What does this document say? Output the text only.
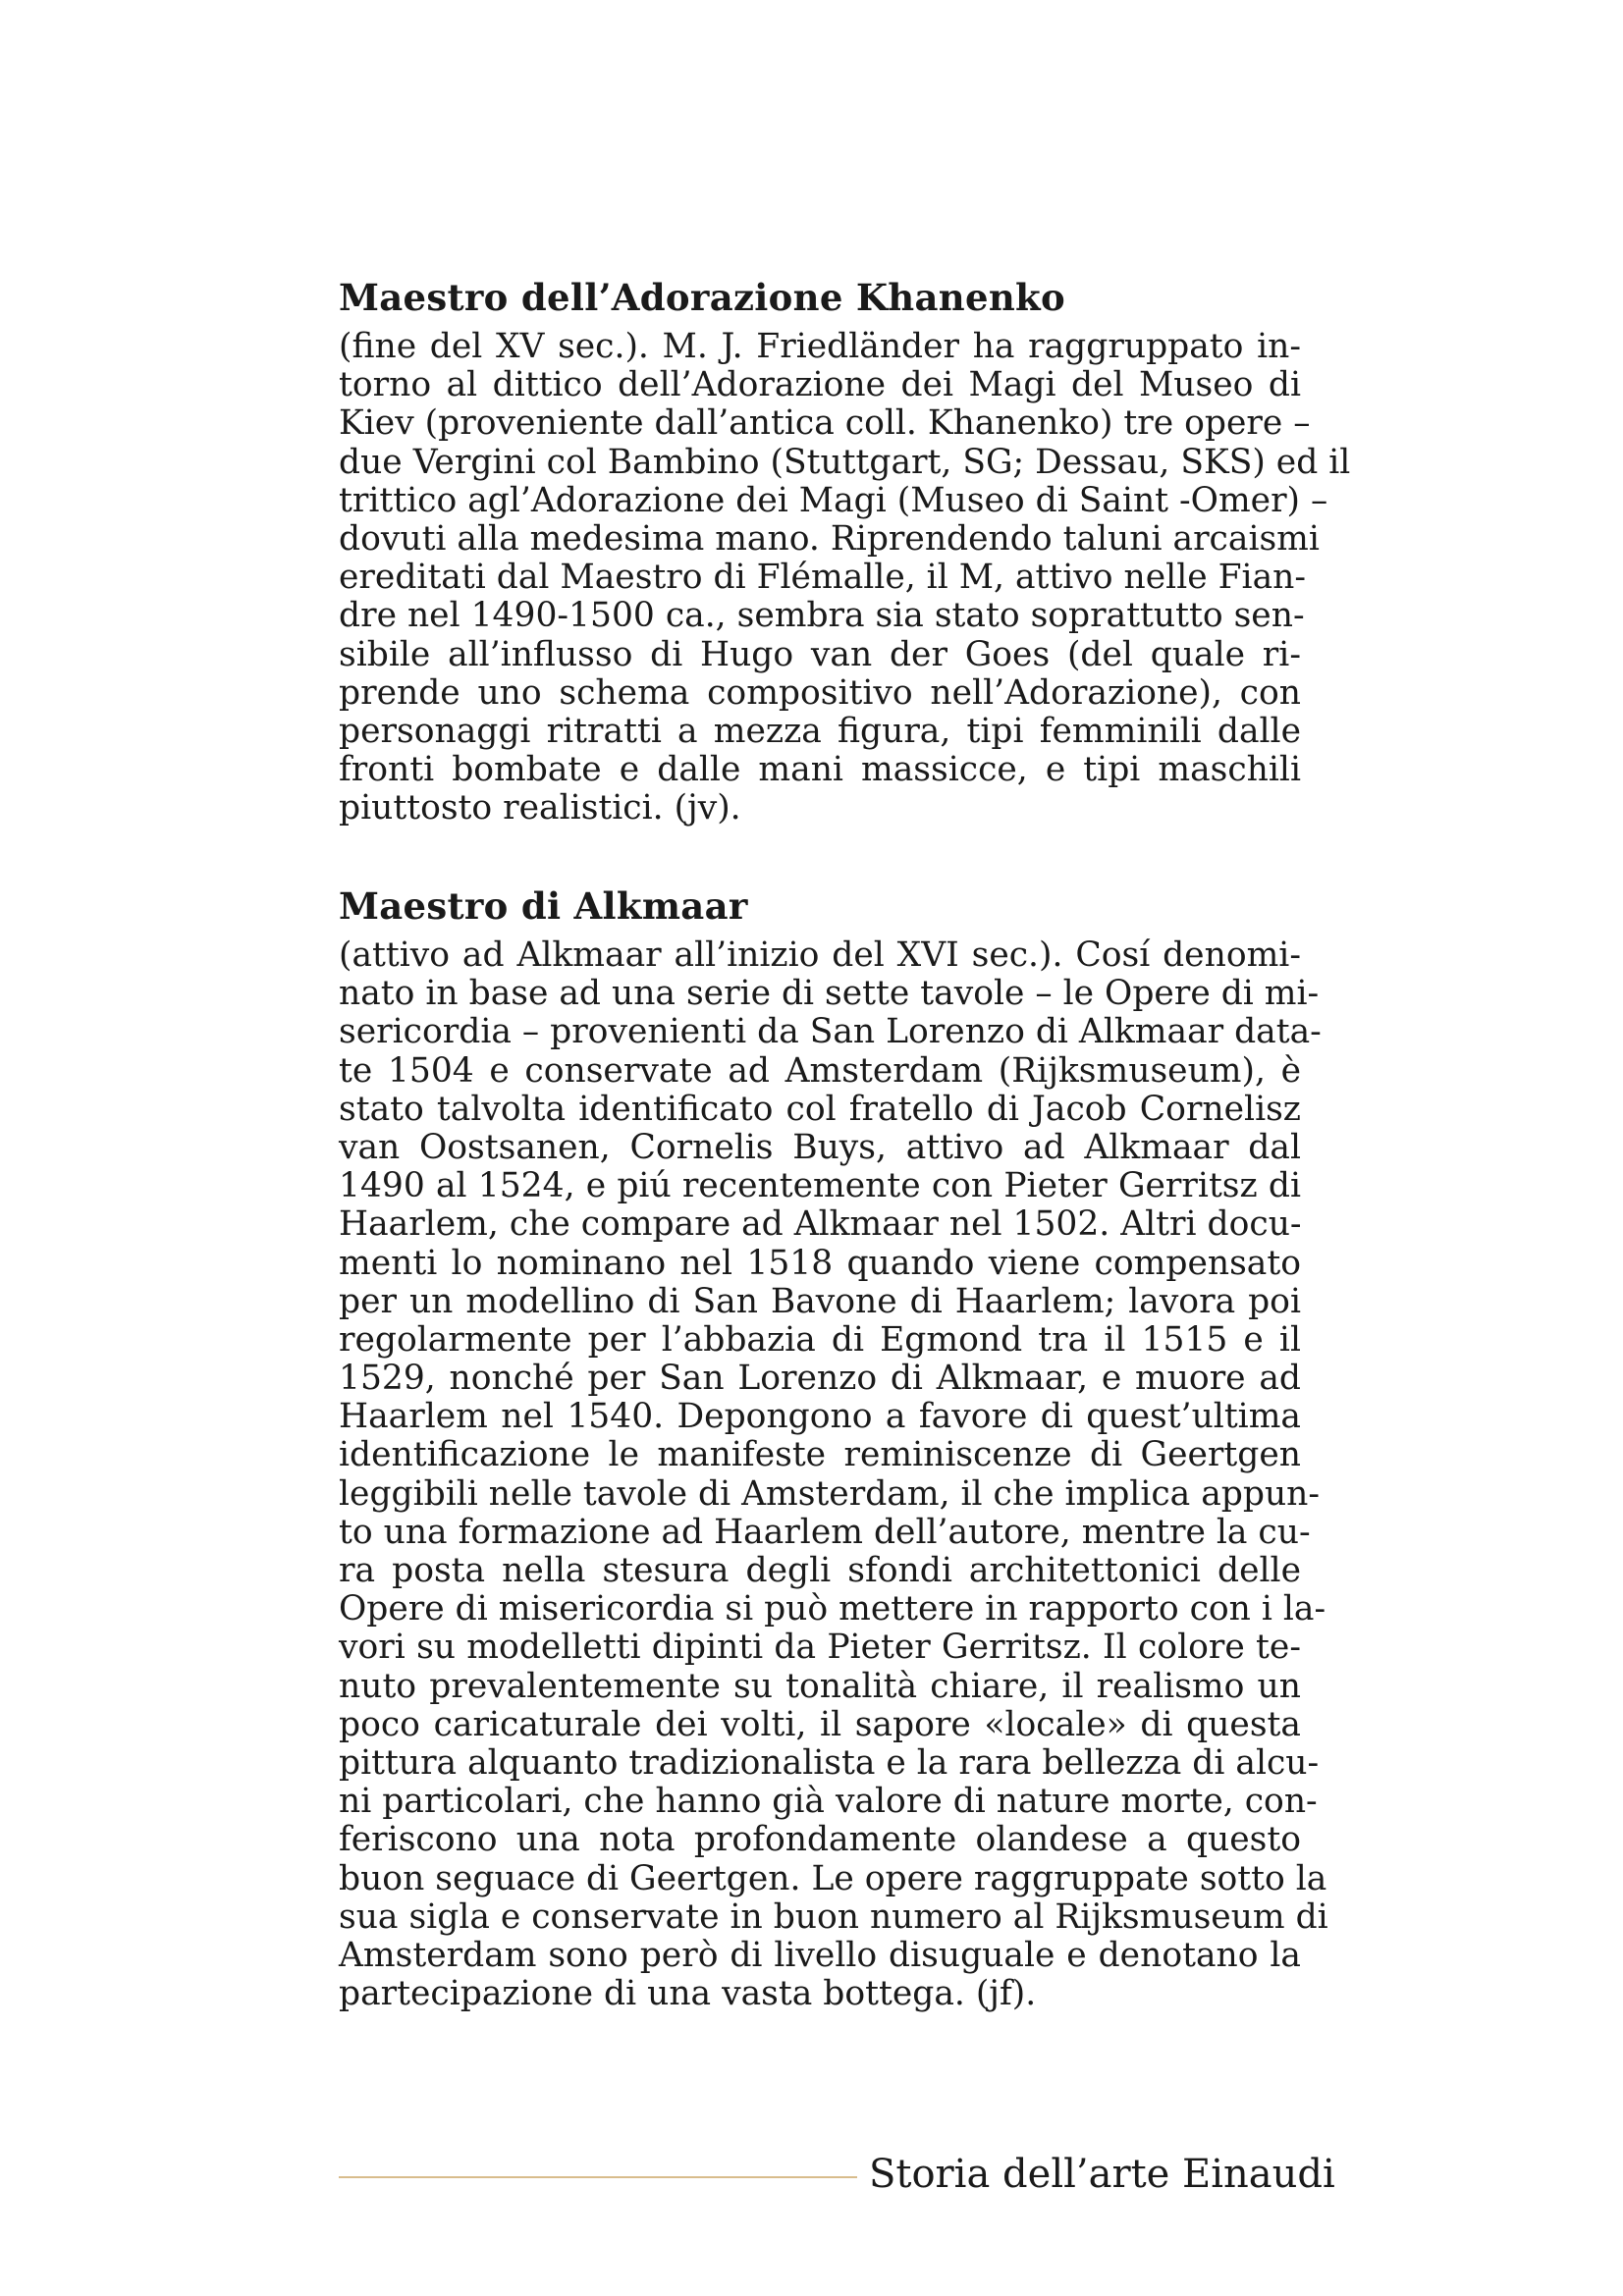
Maestro dell’Adorazione Khanenko
(fine del XV sec.). M. J. Friedländer ha raggruppato in-
torno al dittico dell’Adorazione dei Magi del Museo di
Kiev (proveniente dall’antica coll. Khanenko) tre opere –
due Vergini col Bambino (Stuttgart, SG; Dessau, SKS) ed il
trittico agl’Adorazione dei Magi (Museo di Saint -Omer) –
dovuti alla medesima mano. Riprendendo taluni arcaismi
ereditati dal Maestro di Flémalle, il M, attivo nelle Fian-
dre nel 1490-1500 ca., sembra sia stato soprattutto sen-
sibile all’influsso di Hugo van der Goes (del quale ri-
prende uno schema compositivo nell’Adorazione), con
personaggi ritratti a mezza figura, tipi femminili dalle
fronti bombate e dalle mani massicce, e tipi maschili
piuttosto realistici. (jv).
Maestro di Alkmaar
(attivo ad Alkmaar all’inizio del XVI sec.). Cosí denomi-
nato in base ad una serie di sette tavole – le Opere di mi-
sericordia – provenienti da San Lorenzo di Alkmaar data-
te 1504 e conservate ad Amsterdam (Rijksmuseum), è
stato talvolta identificato col fratello di Jacob Cornelisz
van Oostsanen, Cornelis Buys, attivo ad Alkmaar dal
1490 al 1524, e piú recentemente con Pieter Gerritsz di
Haarlem, che compare ad Alkmaar nel 1502. Altri docu-
menti lo nominano nel 1518 quando viene compensato
per un modellino di San Bavone di Haarlem; lavora poi
regolarmente per l’abbazia di Egmond tra il 1515 e il
1529, nonché per San Lorenzo di Alkmaar, e muore ad
Haarlem nel 1540. Depongono a favore di quest’ultima
identificazione le manifeste reminiscenze di Geertgen
leggibili nelle tavole di Amsterdam, il che implica appun-
to una formazione ad Haarlem dell’autore, mentre la cu-
ra posta nella stesura degli sfondi architettonici delle
Opere di misericordia si può mettere in rapporto con i la-
vori su modelletti dipinti da Pieter Gerritsz. Il colore te-
nuto prevalentemente su tonalità chiare, il realismo un
poco caricaturale dei volti, il sapore «locale» di questa
pittura alquanto tradizionalista e la rara bellezza di alcu-
ni particolari, che hanno già valore di nature morte, con-
feriscono una nota profondamente olandese a questo
buon seguace di Geertgen. Le opere raggruppate sotto la
sua sigla e conservate in buon numero al Rijksmuseum di
Amsterdam sono però di livello disuguale e denotano la
partecipazione di una vasta bottega. (jf).
Storia dell’arte Einaudi
